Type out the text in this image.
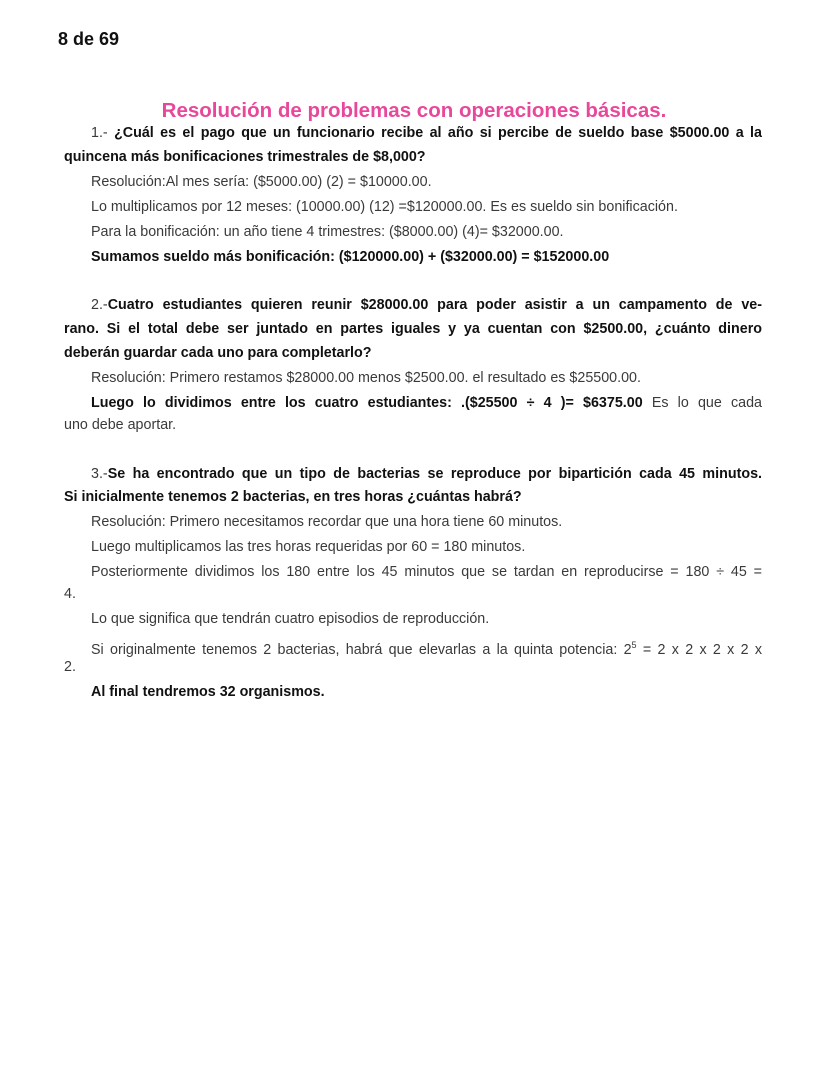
8 de 69
Resolución de problemas con operaciones básicas.
1.- ¿Cuál es el pago que un funcionario recibe al año si percibe de sueldo base $5000.00 a la
quincena más bonificaciones trimestrales de $8,000?
Resolución:Al mes sería: ($5000.00) (2) = $10000.00.
Lo multiplicamos por 12 meses: (10000.00) (12) =$120000.00. Es es sueldo sin bonificación.
Para la bonificación: un año tiene 4 trimestres: ($8000.00) (4)= $32000.00.
Sumamos sueldo más bonificación: ($120000.00) + ($32000.00) = $152000.00
2.-Cuatro estudiantes quieren reunir $28000.00 para poder asistir a un campamento de ve-
rano. Si el total debe ser juntado en partes iguales y ya cuentan con $2500.00, ¿cuánto dinero
deberán guardar cada uno para completarlo?
Resolución: Primero restamos $28000.00 menos $2500.00. el resultado es $25500.00.
Luego lo dividimos entre los cuatro estudiantes: .($25500 ÷ 4 )= $6375.00 Es lo que cada
uno debe aportar.
3.-Se ha encontrado que un tipo de bacterias se reproduce por bipartición cada 45 minutos.
Si inicialmente tenemos 2 bacterias, en tres horas ¿cuántas habrá?
Resolución: Primero necesitamos recordar que una hora tiene 60 minutos.
Luego multiplicamos las tres horas requeridas por 60 = 180 minutos.
Posteriormente dividimos los 180 entre los 45 minutos que se tardan en reproducirse = 180 ÷ 45 =
4.
Lo que significa que tendrán cuatro episodios de reproducción.
Si originalmente tenemos 2 bacterias, habrá que elevarlas a la quinta potencia: $2^5 = 2$ x 2 x 2 x 2 x
2.
Al final tendremos 32 organismos.
